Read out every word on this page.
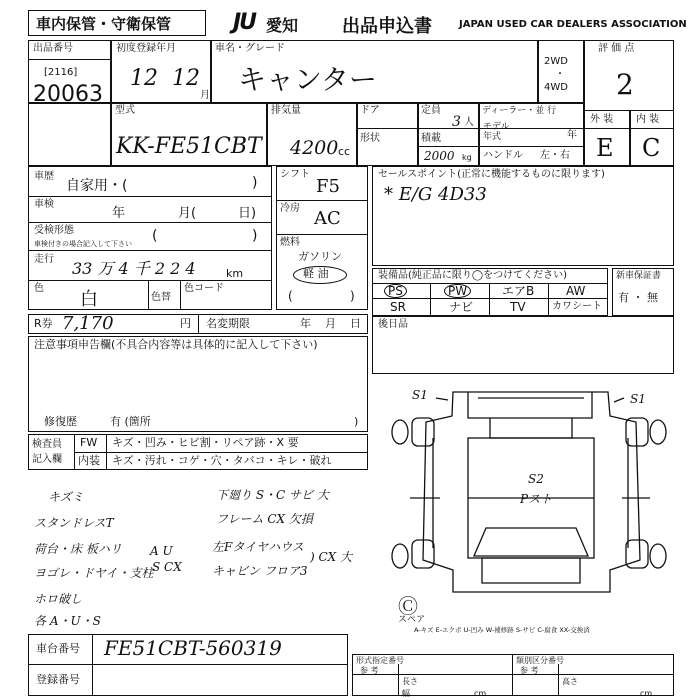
車内保管・守衛保管	JU 愛知 出品申込書	JAPAN USED CAR DEALERS ASSOCIATION
出品番号
[2116]
20063
初度登録年月
12 12
月
車名・グレード
キャンター
2WD
・
4WD
評 価 点
2
型式
KK-FE51CBT
排気量
4200 cc
ドア
形状
定員
3 人
積載
2000 kg
ディーラー・並 行
モデル
年式	年
ハンドル 左・右
外 装 内 装
E C
車歴
自家用・(	)
車検
年	月(	日)
受検形態
車検付きの場合記入して下さい (	)
走行 33 万 4 千 2 2 4	km
色
白	色替
色コード
シフト
F5
冷房 AC
燃料
ガソリン
軽 油
(	)
セールスポイント(正常に機能するものに限ります)
* E/G 4D33
装備品(純正品に限り◯をつけてください)
PS	PW	エアB	AW
SR	ナビ	TV	カワシート
新車保証書
有 ・ 無
R券 7,170	円 名変期限	年 月 日 後日品
注意事項申告欄(不具合内容等は具体的に記入して下さい)
修復歴	有 (箇所	)
検査員
記入欄
FW キズ・凹み・ヒビ割・リペア跡・X 要
内装 キズ・汚れ・コゲ・穴・タバコ・キレ・破れ
キズミ
スタンドレスT
荷台・床 板ハリ
ヨゴレ・ドヤイ・支柱
ホロ破し
各 A・U・S
A U
S CX
下廻り S・C サビ 大
フレーム CX 欠損
左Fタイヤハウス
キャビン フロア3
) CX 大
S1	S1
S2
Pスト
Ⓒ
スペア
A-キズ E-エクボ U-凹み W-補修跡 S-サビ C-腐食 XX-交換済
車台番号 FE51CBT-560319
登録番号
形式指定番号
参 考
類別区分番号
参 考
長さ	高さ
幅	cm	cm
